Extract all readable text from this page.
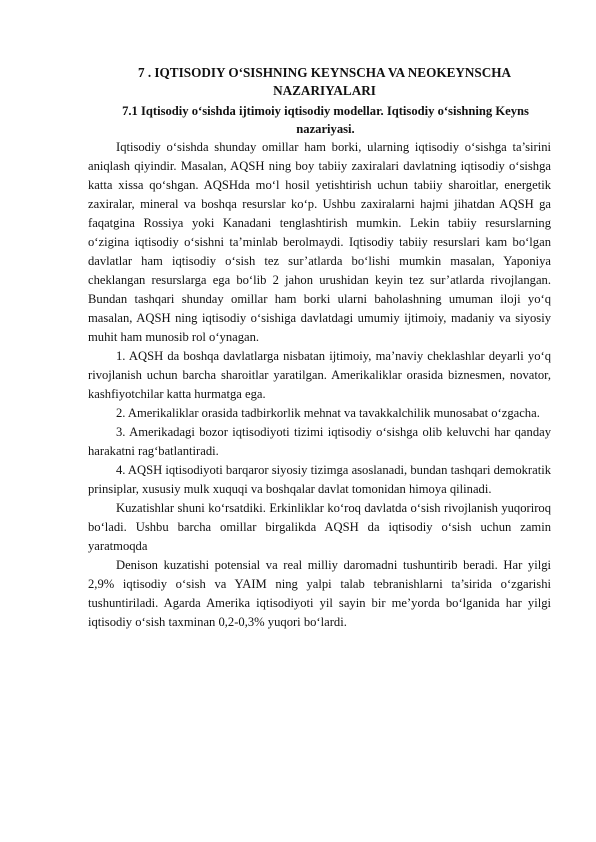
7 . IQTISODIY O‘SISHNING KEYNSCHA VA NEOKEYNSCHA NAZARIYALARI
7.1 Iqtisodiy o‘sishda ijtimoiy iqtisodiy modellar. Iqtisodiy o‘sishning Keyns nazariyasi.

Iqtisodiy o‘sishda shunday omillar ham borki, ularning iqtisodiy o‘sishga ta’sirini aniqlash qiyindir. Masalan, AQSH ning boy tabiiy zaxiralari davlatning iqtisodiy o‘sishga katta xissa qo‘shgan. AQSHda mo‘l hosil yetishtirish uchun tabiiy sharoitlar, energetik zaxiralar, mineral va boshqa resurslar ko‘p. Ushbu zaxiralarni hajmi jihatdan AQSH ga faqatgina Rossiya yoki Kanadani tenglashtirish mumkin. Lekin tabiiy resurslarning o‘zigina iqtisodiy o‘sishni ta’minlab berolmaydi. Iqtisodiy tabiiy resurslari kam bo‘lgan davlatlar ham iqtisodiy o‘sish tez sur’atlarda bo‘lishi mumkin masalan, Yaponiya cheklangan resurslarga ega bo‘lib 2 jahon urushidan keyin tez sur’atlarda rivojlangan. Bundan tashqari shunday omillar ham borki ularni baholashning umuman iloji yo‘q masalan, AQSH ning iqtisodiy o‘sishiga davlatdagi umumiy ijtimoiy, madaniy va siyosiy muhit ham munosib rol o‘ynagan.

1. AQSH da boshqa davlatlarga nisbatan ijtimoiy, ma’naviy cheklashlar deyarli yo‘q rivojlanish uchun barcha sharoitlar yaratilgan. Amerikaliklar orasida biznesmen, novator, kashfiyotchilar katta hurmatga ega.

2. Amerikaliklar orasida tadbirkorlik mehnat va tavakkalchilik munosabat o‘zgacha.

3. Amerikadagi bozor iqtisodiyoti tizimi iqtisodiy o‘sishga olib keluvchi har qanday harakatni rag‘batlantiradi.

4. AQSH iqtisodiyoti barqaror siyosiy tizimga asoslanadi, bundan tashqari demokratik prinsiplar, xususiy mulk xuquqi va boshqalar davlat tomonidan himoya qilinadi.

Kuzatishlar shuni ko‘rsatdiki. Erkinliklar ko‘roq davlatda o‘sish rivojlanish yuqoriroq bo‘ladi. Ushbu barcha omillar birgalikda AQSH da iqtisodiy o‘sish uchun zamin yaratmoqda

Denison kuzatishi potensial va real milliy daromadni tushuntirib beradi. Har yilgi 2,9% iqtisodiy o‘sish va YAIM ning yalpi talab tebranishlarni ta’sirida o‘zgarishi tushuntiriladi. Agarda Amerika iqtisodiyoti yil sayin bir me’yorda bo‘lganida har yilgi iqtisodiy o‘sish taxminan 0,2-0,3% yuqori bo‘lardi.
